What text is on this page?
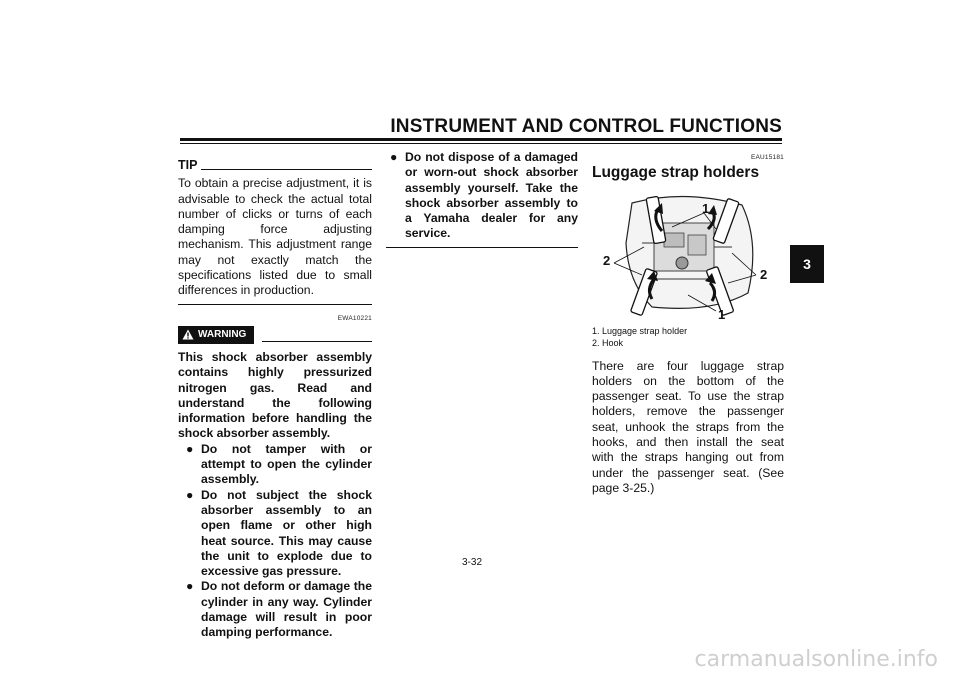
INSTRUMENT AND CONTROL FUNCTIONS
3
TIP
To obtain a precise adjustment, it is advisable to check the actual total number of clicks or turns of each damping force adjusting mechanism. This adjustment range may not exactly match the specifications listed due to small differences in production.
EWA10221
WARNING
This shock absorber assembly contains highly pressurized nitrogen gas. Read and understand the following information before handling the shock absorber assembly.
● Do not tamper with or attempt to open the cylinder assembly.
● Do not subject the shock absorber assembly to an open flame or other high heat source. This may cause the unit to explode due to excessive gas pressure.
● Do not deform or damage the cylinder in any way. Cylinder damage will result in poor damping performance.
● Do not dispose of a damaged or worn-out shock absorber assembly yourself. Take the shock absorber assembly to a Yamaha dealer for any service.
EAU15181
Luggage strap holders
1
2
2
1
1. Luggage strap holder
2. Hook
There are four luggage strap holders on the bottom of the passenger seat. To use the strap holders, remove the passenger seat, unhook the straps from the hooks, and then install the seat with the straps hanging out from under the passenger seat. (See page 3-25.)
3-32
carmanualsonline.info
